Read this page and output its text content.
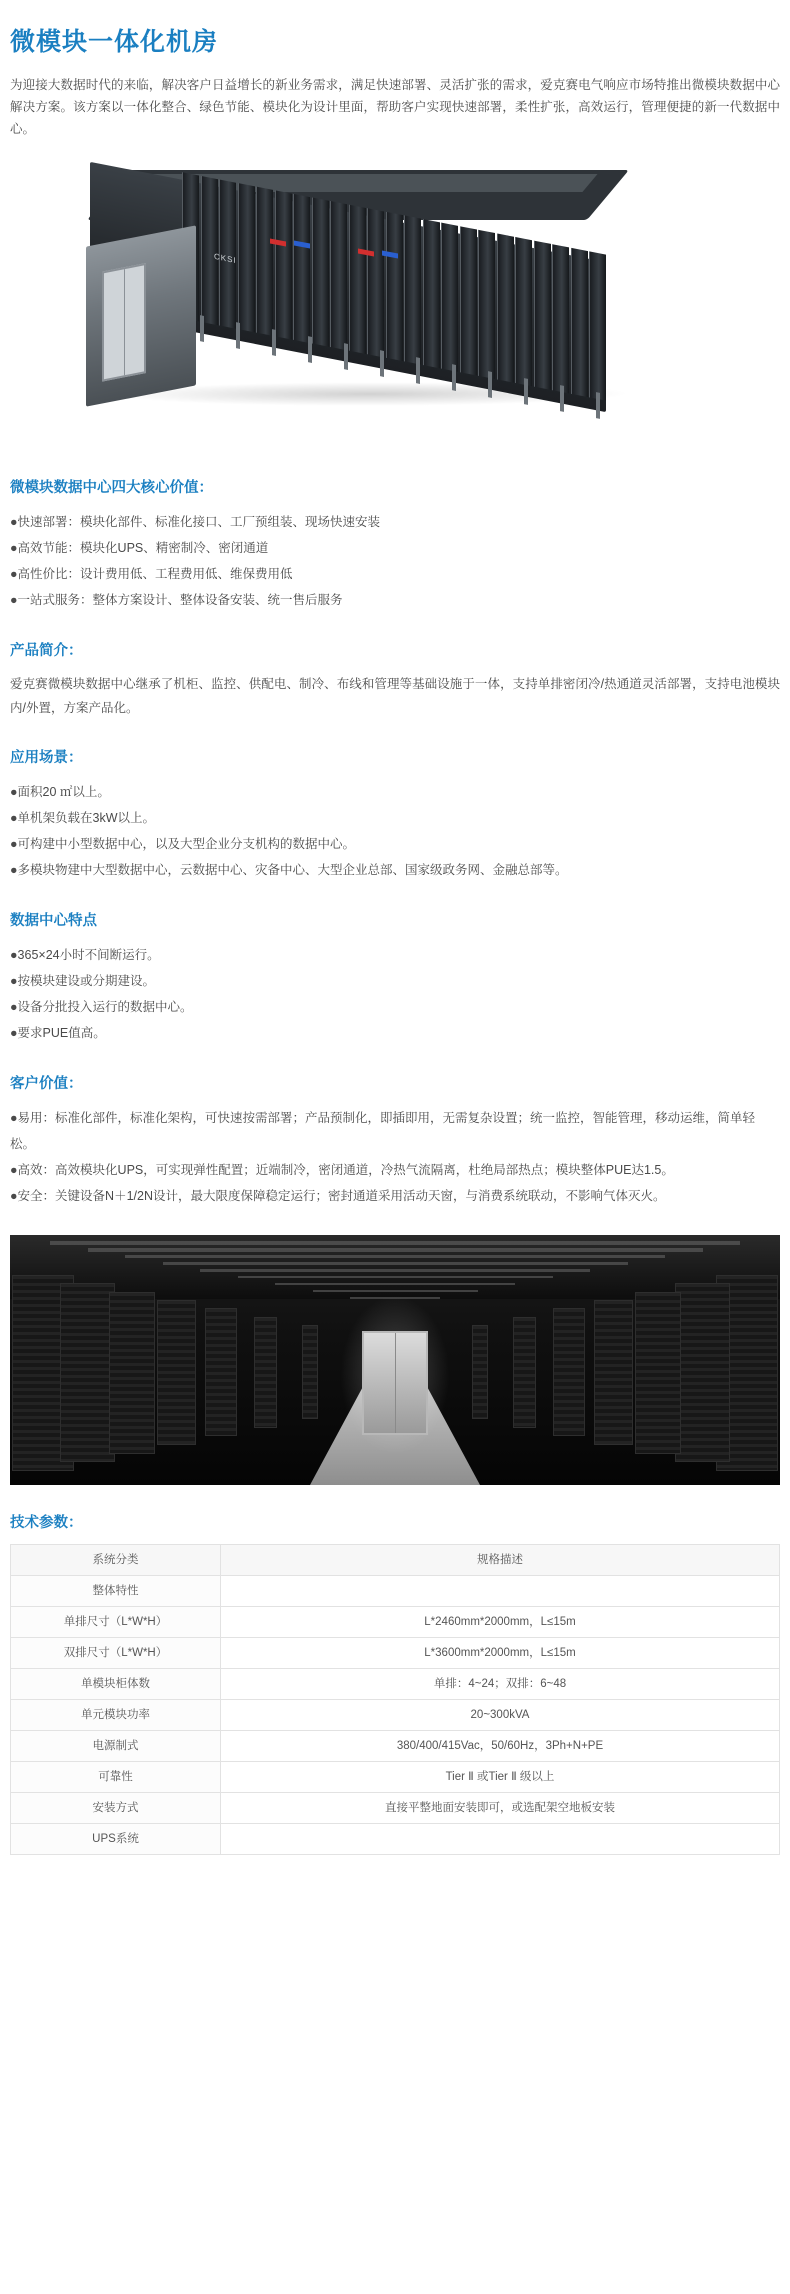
微模块一体化机房

为迎接大数据时代的来临，解决客户日益增长的新业务需求，满足快速部署、灵活扩张的需求，爱克赛电气响应市场特推出微模块数据中心解决方案。该方案以一体化整合、绿色节能、模块化为设计里面，帮助客户实现快速部署，柔性扩张，高效运行，管理便捷的新一代数据中心。

CKSI
微模块数据中心四大核心价值：
●快速部署：模块化部件、标准化接口、工厂预组装、现场快速安装
●高效节能：模块化UPS、精密制冷、密闭通道
●高性价比：设计费用低、工程费用低、维保费用低
●一站式服务：整体方案设计、整体设备安装、统一售后服务
产品简介：

爱克赛微模块数据中心继承了机柜、监控、供配电、制冷、布线和管理等基础设施于一体，支持单排密闭冷/热通道灵活部署，支持电池模块内/外置，方案产品化。

应用场景：
●面积20 ㎡以上。
●单机架负载在3kW以上。
●可构建中小型数据中心，以及大型企业分支机构的数据中心。
●多模块物建中大型数据中心，云数据中心、灾备中心、大型企业总部、国家级政务网、金融总部等。
数据中心特点
●365×24小时不间断运行。
●按模块建设或分期建设。
●设备分批投入运行的数据中心。
●要求PUE值高。
客户价值：
●易用：标准化部件，标准化架构，可快速按需部署；产品预制化，即插即用，无需复杂设置；统一监控，智能管理，移动运维，简单轻松。
●高效：高效模块化UPS，可实现弹性配置；近端制冷，密闭通道，冷热气流隔离，杜绝局部热点；模块整体PUE达1.5。
●安全：关键设备N＋1/2N设计，最大限度保障稳定运行；密封通道采用活动天窗，与消费系统联动，不影响气体灭火。
技术参数：
系统分类	规格描述
整体特性	
单排尺寸（L*W*H）	L*2460mm*2000mm，L≤15m
双排尺寸（L*W*H）	L*3600mm*2000mm，L≤15m
单模块柜体数	单排：4~24；双排：6~48
单元模块功率	20~300kVA
电源制式	380/400/415Vac，50/60Hz，3Ph+N+PE
可靠性	Tier Ⅱ 或Tier Ⅱ 级以上
安装方式	直接平整地面安装即可，或选配架空地板安装
UPS系统	
